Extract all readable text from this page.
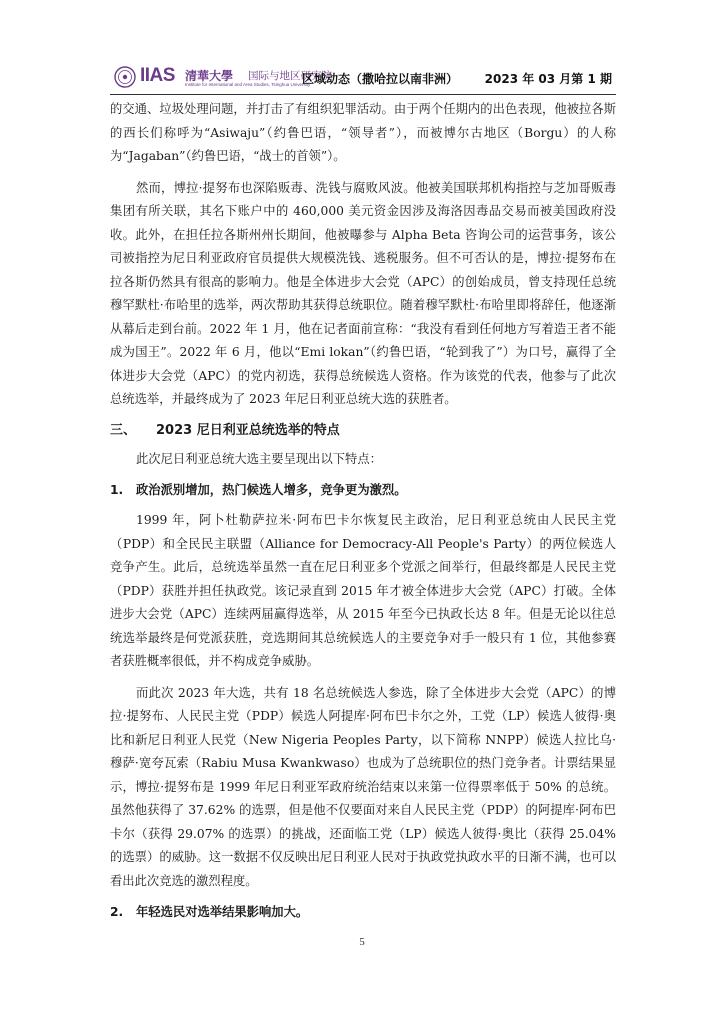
IIAS 清華大學 国际与地区研究院
Institute for International and Area Studies, Tsinghua University
区域动态（撒哈拉以南非洲） 2023 年 03 月第 1 期

的交通、垃圾处理问题，并打击了有组织犯罪活动。由于两个任期内的出色表现，他被拉各斯的西长们称呼为“Asiwaju”（约鲁巴语，“领导者”），而被博尔古地区（Borgu）的人称为“Jagaban”（约鲁巴语，“战士的首领”）。

然而，博拉·提努布也深陷贩毒、洗钱与腐败风波。他被美国联邦机构指控与芝加哥贩毒集团有所关联，其名下账户中的 460,000 美元资金因涉及海洛因毒品交易而被美国政府没收。此外，在担任拉各斯州州长期间，他被曝参与 Alpha Beta 咨询公司的运营事务，该公司被指控为尼日利亚政府官员提供大规模洗钱、逃税服务。但不可否认的是，博拉·提努布在拉各斯仍然具有很高的影响力。他是全体进步大会党（APC）的创始成员，曾支持现任总统穆罕默杜·布哈里的选举，两次帮助其获得总统职位。随着穆罕默杜·布哈里即将辞任，他逐渐从幕后走到台前。2022 年 1 月，他在记者面前宣称：“我没有看到任何地方写着造王者不能成为国王”。2022 年 6 月，他以“Emi lokan”（约鲁巴语，“轮到我了”）为口号，赢得了全体进步大会党（APC）的党内初选，获得总统候选人资格。作为该党的代表，他参与了此次总统选举，并最终成为了 2023 年尼日利亚总统大选的获胜者。

三、 2023 尼日利亚总统选举的特点

此次尼日利亚总统大选主要呈现出以下特点：

1. 政治派别增加，热门候选人增多，竞争更为激烈。

1999 年，阿卜杜勒萨拉米·阿布巴卡尔恢复民主政治，尼日利亚总统由人民民主党（PDP）和全民民主联盟（Alliance for Democracy-All People's Party）的两位候选人竞争产生。此后，总统选举虽然一直在尼日利亚多个党派之间举行，但最终都是人民民主党（PDP）获胜并担任执政党。该记录直到 2015 年才被全体进步大会党（APC）打破。全体进步大会党（APC）连续两届赢得选举，从 2015 年至今已执政长达 8 年。但是无论以往总统选举最终是何党派获胜，竞选期间其总统候选人的主要竞争对手一般只有 1 位，其他参赛者获胜概率很低，并不构成竞争威胁。

而此次 2023 年大选，共有 18 名总统候选人参选，除了全体进步大会党（APC）的博拉·提努布、人民民主党（PDP）候选人阿提库·阿布巴卡尔之外，工党（LP）候选人彼得·奥比和新尼日利亚人民党（New Nigeria Peoples Party，以下简称 NNPP）候选人拉比乌·穆萨·宽夸瓦索（Rabiu Musa Kwankwaso）也成为了总统职位的热门竞争者。计票结果显示，博拉·提努布是 1999 年尼日利亚军政府统治结束以来第一位得票率低于 50% 的总统。虽然他获得了 37.62% 的选票，但是他不仅要面对来自人民民主党（PDP）的阿提库·阿布巴卡尔（获得 29.07% 的选票）的挑战，还面临工党（LP）候选人彼得·奥比（获得 25.04% 的选票）的威胁。这一数据不仅反映出尼日利亚人民对于执政党执政水平的日渐不满，也可以看出此次竞选的激烈程度。

2. 年轻选民对选举结果影响加大。
5
